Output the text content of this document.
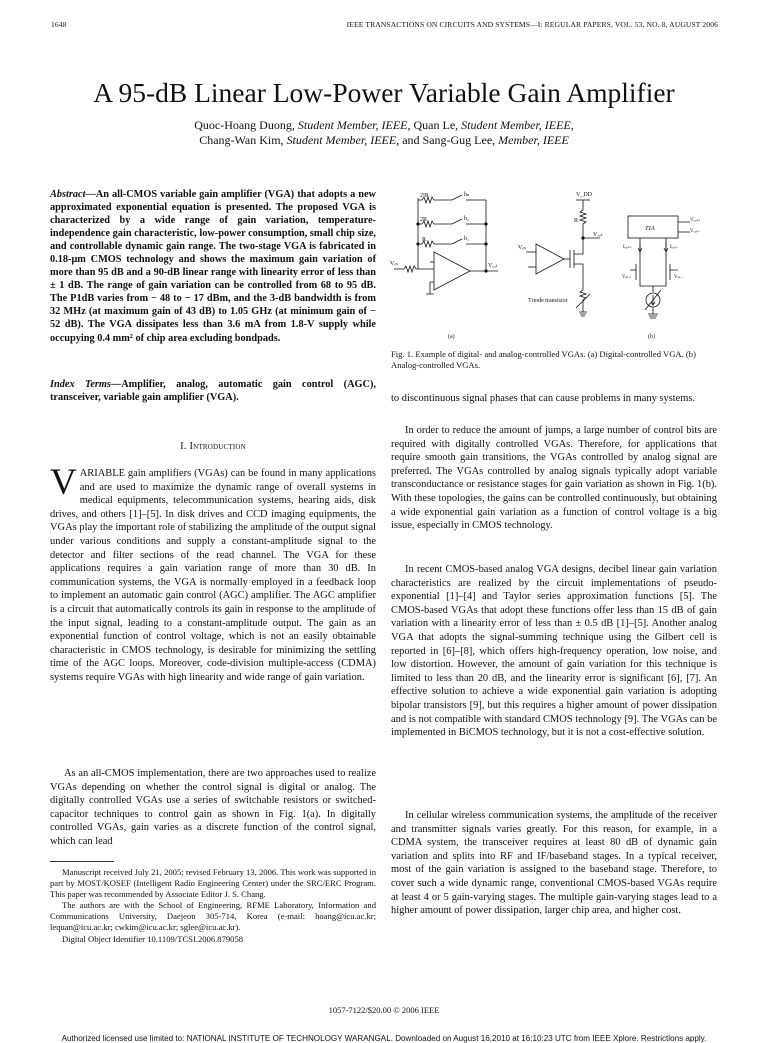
1648	IEEE TRANSACTIONS ON CIRCUITS AND SYSTEMS—I: REGULAR PAPERS, VOL. 53, NO. 8, AUGUST 2006
A 95-dB Linear Low-Power Variable Gain Amplifier
Quoc-Hoang Duong, Student Member, IEEE, Quan Le, Student Member, IEEE,
Chang-Wan Kim, Student Member, IEEE, and Sang-Gug Lee, Member, IEEE
Abstract—An all-CMOS variable gain amplifier (VGA) that adopts a new approximated exponential equation is presented. The proposed VGA is characterized by a wide range of gain variation, temperature-independence gain characteristic, low-power consumption, small chip size, and controllable dynamic gain range. The two-stage VGA is fabricated in 0.18-μm CMOS technology and shows the maximum gain variation of more than 95 dB and a 90-dB linear range with linearity error of less than ± 1 dB. The range of gain variation can be controlled from 68 to 95 dB. The P1dB varies from − 48 to − 17 dBm, and the 3-dB bandwidth is from 32 MHz (at maximum gain of 43 dB) to 1.05 GHz (at minimum gain of − 52 dB). The VGA dissipates less than 3.6 mA from 1.8-V supply while occupying 0.4 mm² of chip area excluding bondpads.
Index Terms—Amplifier, analog, automatic gain control (AGC), transceiver, variable gain amplifier (VGA).
I. Introduction
VARIABLE gain amplifiers (VGAs) can be found in many applications and are used to maximize the dynamic range of overall systems in medical equipments, telecommunication systems, hearing aids, disk drives, and others [1]–[5]. In disk drives and CCD imaging equipments, the VGAs play the important role of stabilizing the amplitude of the output signal under various conditions and supply a constant-amplitude signal to the detector and filter sections of the read channel. The VGA for these applications requires a gain variation range of more than 30 dB. In communication systems, the VGA is normally employed in a feedback loop to implement an automatic gain control (AGC) amplifier. The AGC amplifier is a circuit that automatically controls its gain in response to the amplitude of the input signal, leading to a constant-amplitude output. The gain as an exponential function of control voltage, which is not an easily obtainable characteristic in CMOS technology, is desirable for minimizing the settling time of the AGC loops. Moreover, code-division multiple-access (CDMA) systems require VGAs with high linearity and wide range of gain variation.
As an all-CMOS implementation, there are two approaches used to realize VGAs depending on whether the control signal is digital or analog. The digitally controlled VGAs use a series of switchable resistors or switched-capacitor techniques to control gain as shown in Fig. 1(a). In digitally controlled VGAs, gain varies as a discrete function of the control signal, which can lead

Manuscript received July 21, 2005; revised February 13, 2006. This work was supported in part by MOST/KOSEF (Intelligent Radio Engineering Center) under the SRC/ERC Program. This paper was recommended by Associate Editor J. S. Chang.

The authors are with the School of Engineering, RFME Laboratory, Information and Communications University, Daejeon 305-714, Korea (e-mail: hoang@icu.ac.kr; lequan@icu.ac.kr; cwkim@icu.ac.kr; sglee@icu.ac.kr).

Digital Object Identifier 10.1109/TCSI.2006.879058

2ⁿR
2R
R
bₙ
b₂
b₁
Vᵢₙ	Vₒᵤₜ
(a)
V_DD
R
Vᵢₙ
Vₒᵤₜ
Triode transistor
TIA
Vₒᵤₜ₊
Vₒᵤₜ₋
Iₒᵤₜ₊	Iₒᵤₜ₋
Vᵢₙ₊	Vᵢₙ₋
(b)
Fig. 1. Example of digital- and analog-controlled VGAs. (a) Digital-controlled VGA. (b) Analog-controlled VGAs.
to discontinuous signal phases that can cause problems in many systems.
In order to reduce the amount of jumps, a large number of control bits are required with digitally controlled VGAs. Therefore, for applications that require smooth gain transitions, the VGAs controlled by analog signal are preferred. The VGAs controlled by analog signals typically adopt variable transconductance or resistance stages for gain variation as shown in Fig. 1(b). With these topologies, the gains can be controlled continuously, but obtaining a wide exponential gain variation as a function of control voltage is a big issue, especially in CMOS technology.
In recent CMOS-based analog VGA designs, decibel linear gain variation characteristics are realized by the circuit implementations of pseudo-exponential [1]–[4] and Taylor series approximation functions [5]. The CMOS-based VGAs that adopt these functions offer less than 15 dB of gain variation with a linearity error of less than ± 0.5 dB [1]–[5]. Another analog VGA that adopts the signal-summing technique using the Gilbert cell is reported in [6]–[8], which offers high-frequency operation, low noise, and low distortion. However, the amount of gain variation for this technique is limited to less than 20 dB, and the linearity error is significant [6], [7]. An effective solution to achieve a wide exponential gain variation is adopting bipolar transistors [9], but this requires a higher amount of power dissipation and is not compatible with standard CMOS technology [9]. The VGAs can be implemented in BiCMOS technology, but it is not a cost-effective solution.
In cellular wireless communication systems, the amplitude of the receiver and transmitter signals varies greatly. For this reason, for example, in a CDMA system, the transceiver requires at least 80 dB of dynamic gain variation and splits into RF and IF/baseband stages. In a typical receiver, most of the gain variation is assigned to the baseband stage. Therefore, to cover such a wide dynamic range, conventional CMOS-based VGAs require at least 4 or 5 gain-varying stages. The multiple gain-varying stages lead to a higher amount of power dissipation, larger chip area, and higher cost.
1057-7122/$20.00 © 2006 IEEE
Authorized licensed use limited to: NATIONAL INSTITUTE OF TECHNOLOGY WARANGAL. Downloaded on August 16,2010 at 16:10:23 UTC from IEEE Xplore. Restrictions apply.
